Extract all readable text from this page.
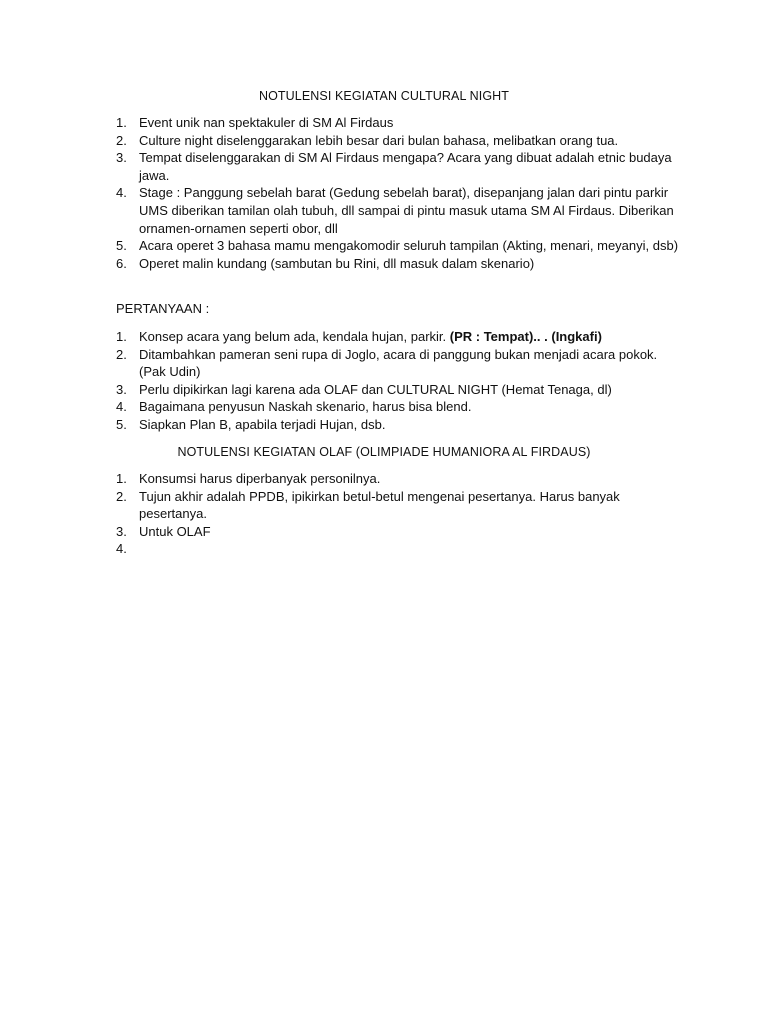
NOTULENSI KEGIATAN CULTURAL NIGHT
1. Event unik nan spektakuler di SM Al Firdaus
2. Culture night diselenggarakan lebih besar dari bulan bahasa, melibatkan orang tua.
3. Tempat diselenggarakan di SM Al Firdaus mengapa? Acara yang dibuat adalah etnic budaya jawa.
4. Stage : Panggung sebelah barat (Gedung sebelah barat), disepanjang jalan dari pintu parkir UMS diberikan tamilan olah tubuh, dll sampai di pintu masuk utama SM Al Firdaus. Diberikan ornamen-ornamen seperti obor, dll
5. Acara operet 3 bahasa mamu mengakomodir seluruh tampilan (Akting, menari, meyanyi, dsb)
6. Operet malin kundang (sambutan bu Rini, dll masuk dalam skenario)
PERTANYAAN :
1. Konsep acara yang belum ada, kendala hujan, parkir. (PR : Tempat).. . (Ingkafi)
2. Ditambahkan pameran seni rupa di Joglo, acara di panggung bukan menjadi acara pokok. (Pak Udin)
3. Perlu dipikirkan lagi karena ada OLAF dan CULTURAL NIGHT (Hemat Tenaga, dl)
4. Bagaimana penyusun Naskah skenario, harus bisa blend.
5. Siapkan Plan B, apabila terjadi Hujan, dsb.
NOTULENSI KEGIATAN OLAF (OLIMPIADE HUMANIORA AL FIRDAUS)
1. Konsumsi harus diperbanyak personilnya.
2. Tujun akhir adalah PPDB, ipikirkan betul-betul mengenai pesertanya. Harus banyak pesertanya.
3. Untuk OLAF
4.
